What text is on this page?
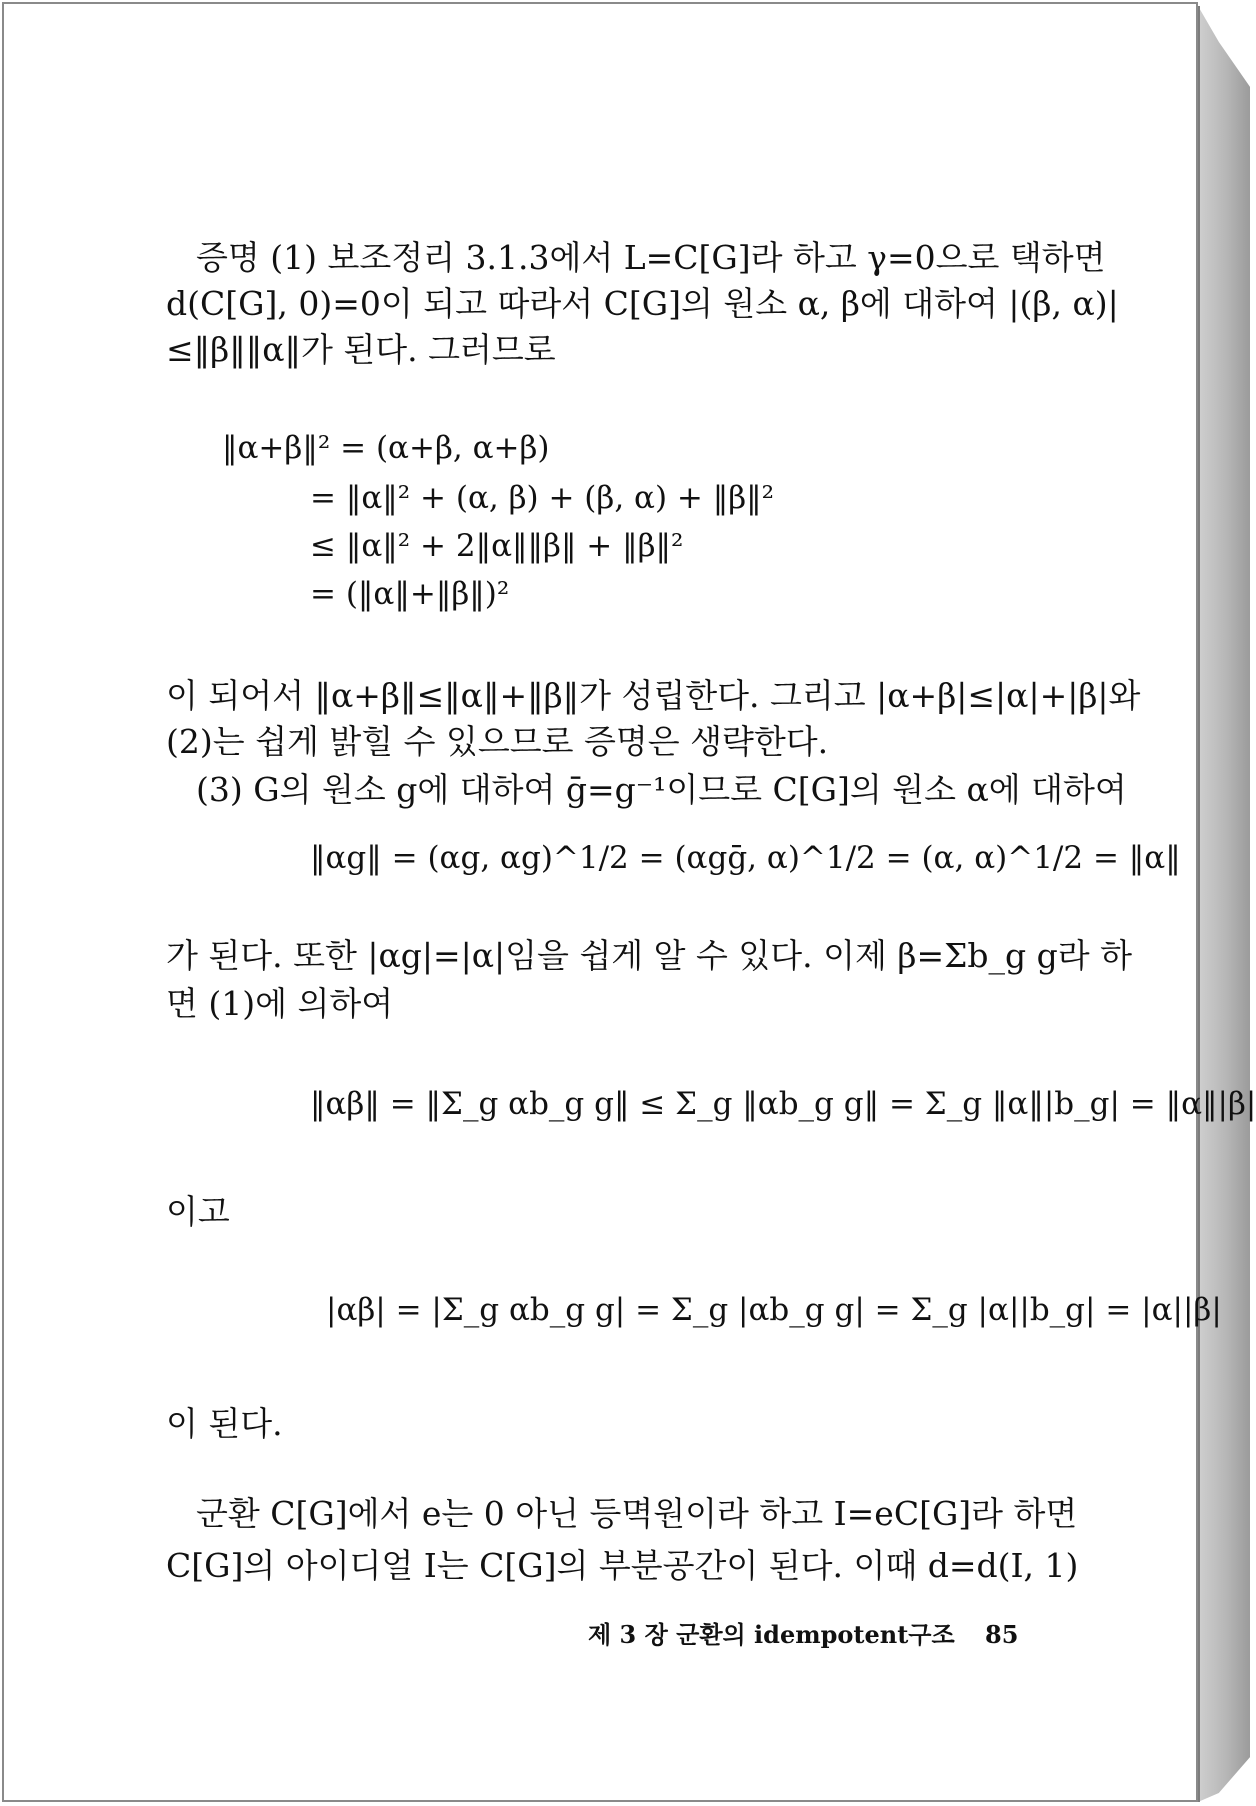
증명 (1) 보조정리 3.1.3에서 L=C[G]라 하고 γ=0으로 택하면
d(C[G], 0)=0이 되고 따라서 C[G]의 원소 α, β에 대하여 |(β, α)|
≤‖β‖‖α‖가 된다. 그러므로
‖α+β‖² = (α+β, α+β)
= ‖α‖² + (α, β) + (β, α) + ‖β‖²
≤ ‖α‖² + 2‖α‖‖β‖ + ‖β‖²
= (‖α‖+‖β‖)²
이 되어서 ‖α+β‖≤‖α‖+‖β‖가 성립한다. 그리고 |α+β|≤|α|+|β|와
(2)는 쉽게 밝힐 수 있으므로 증명은 생략한다.
(3) G의 원소 g에 대하여 ḡ=g⁻¹이므로 C[G]의 원소 α에 대하여
‖αg‖ = (αg, αg)^1/2 = (αgḡ, α)^1/2 = (α, α)^1/2 = ‖α‖
가 된다. 또한 |αg|=|α|임을 쉽게 알 수 있다. 이제 β=Σb_g g라 하
면 (1)에 의하여
‖αβ‖ = ‖Σ_g αb_g g‖ ≤ Σ_g ‖αb_g g‖ = Σ_g ‖α‖|b_g| = ‖α‖|β|
이고
|αβ| = |Σ_g αb_g g| = Σ_g |αb_g g| = Σ_g |α||b_g| = |α||β|
이 된다.
군환 C[G]에서 e는 0 아닌 등멱원이라 하고 I=eC[G]라 하면
C[G]의 아이디얼 I는 C[G]의 부분공간이 된다. 이때 d=d(I, 1)
제 3 장 군환의 idempotent구조 85
